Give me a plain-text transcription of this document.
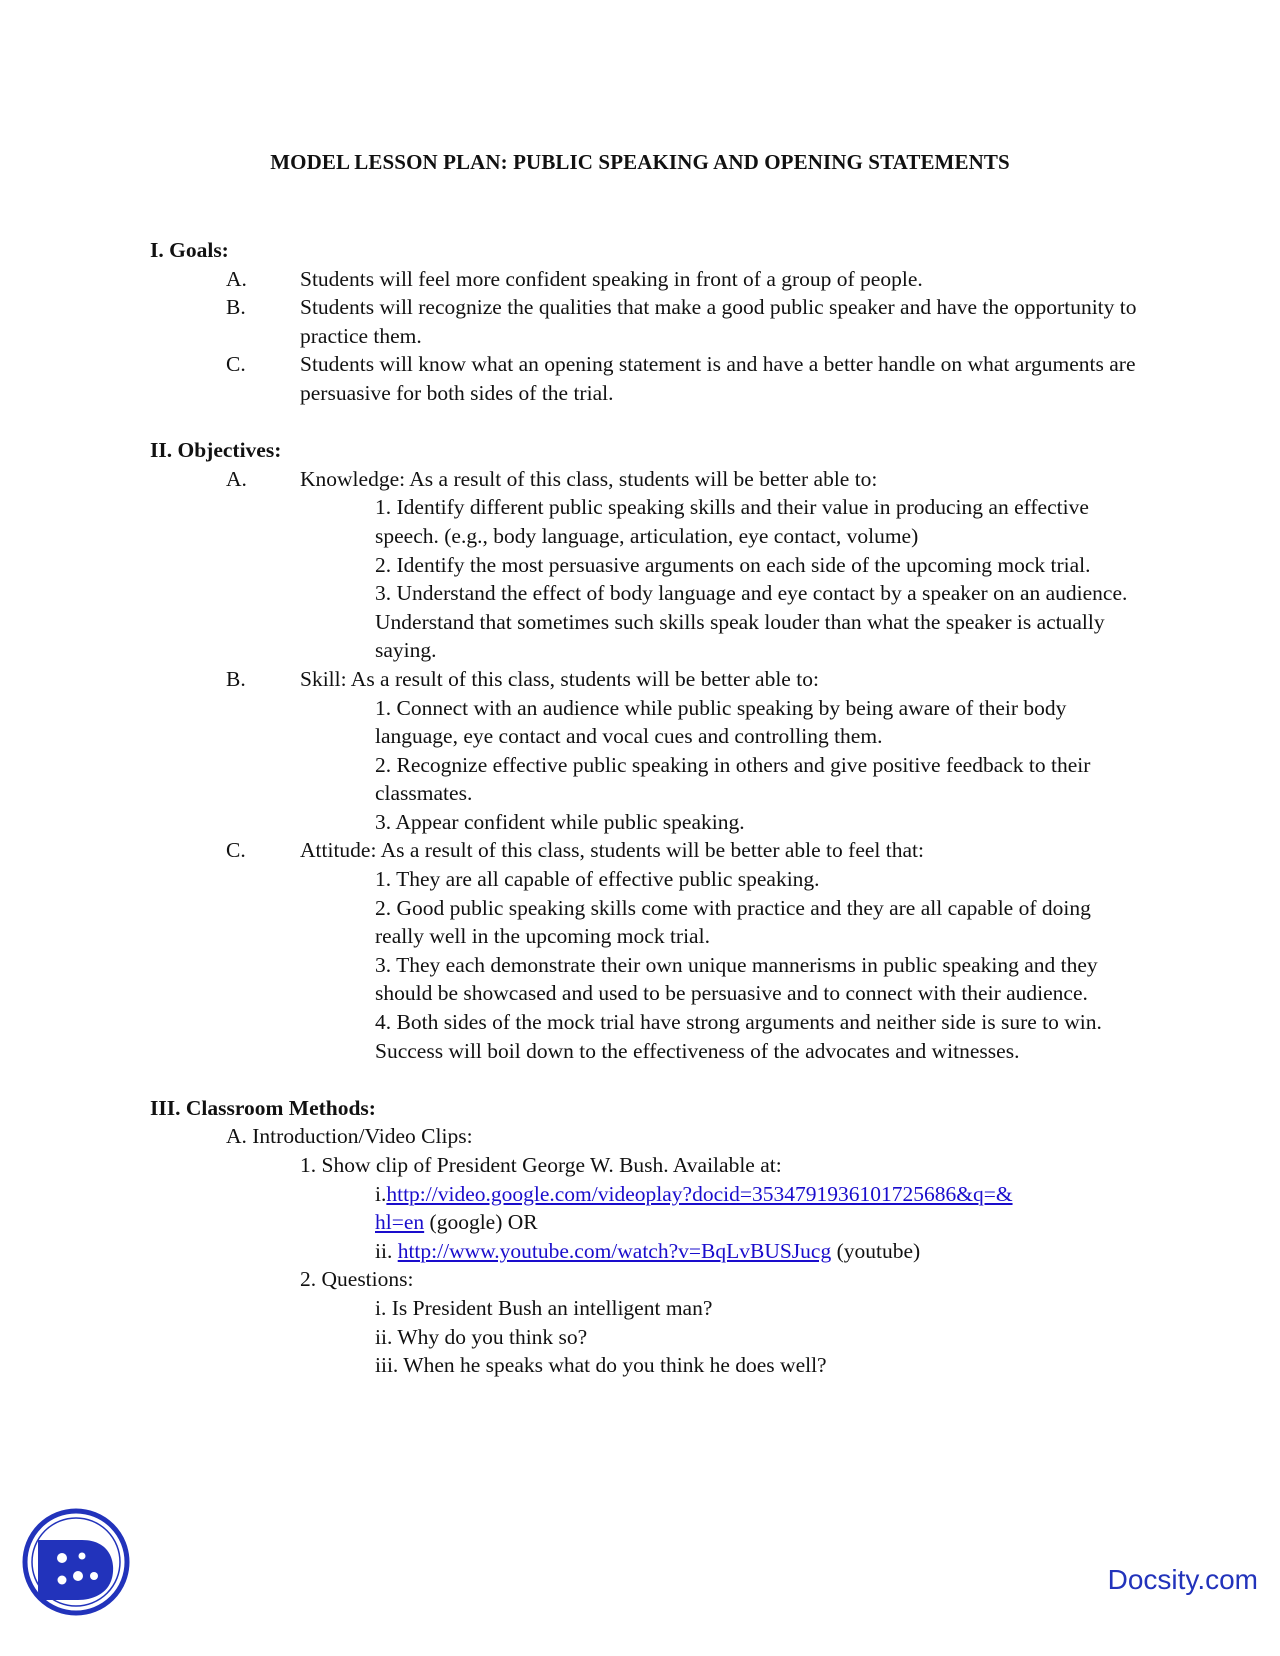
MODEL LESSON PLAN: PUBLIC SPEAKING AND OPENING STATEMENTS
I. Goals:
A. Students will feel more confident speaking in front of a group of people.
B.	Students will recognize the qualities that make a good public speaker and have the opportunity to practice them.
C.	Students will know what an opening statement is and have a better handle on what arguments are persuasive for both sides of the trial.
II. Objectives:
A. Knowledge: As a result of this class, students will be better able to:
1. Identify different public speaking skills and their value in producing an effective speech. (e.g., body language, articulation, eye contact, volume)
2. Identify the most persuasive arguments on each side of the upcoming mock trial.
3. Understand the effect of body language and eye contact by a speaker on an audience. Understand that sometimes such skills speak louder than what the speaker is actually saying.
B.	Skill: As a result of this class, students will be better able to:
1. Connect with an audience while public speaking by being aware of their body language, eye contact and vocal cues and controlling them.
2. Recognize effective public speaking in others and give positive feedback to their classmates.
3. Appear confident while public speaking.
C.	Attitude: As a result of this class, students will be better able to feel that:
1. They are all capable of effective public speaking.
2. Good public speaking skills come with practice and they are all capable of doing really well in the upcoming mock trial.
3. They each demonstrate their own unique mannerisms in public speaking and they should be showcased and used to be persuasive and to connect with their audience.
4. Both sides of the mock trial have strong arguments and neither side is sure to win. Success will boil down to the effectiveness of the advocates and witnesses.
III. Classroom Methods:
A. Introduction/Video Clips:
1. Show clip of President George W. Bush. Available at:
i.http://video.google.com/videoplay?docid=3534791936101725686&q=&
hl=en (google) OR
ii. http://www.youtube.com/watch?v=BqLvBUSJucg (youtube)
2. Questions:
i. Is President Bush an intelligent man?
ii. Why do you think so?
iii. When he speaks what do you think he does well?
Docsity.com
